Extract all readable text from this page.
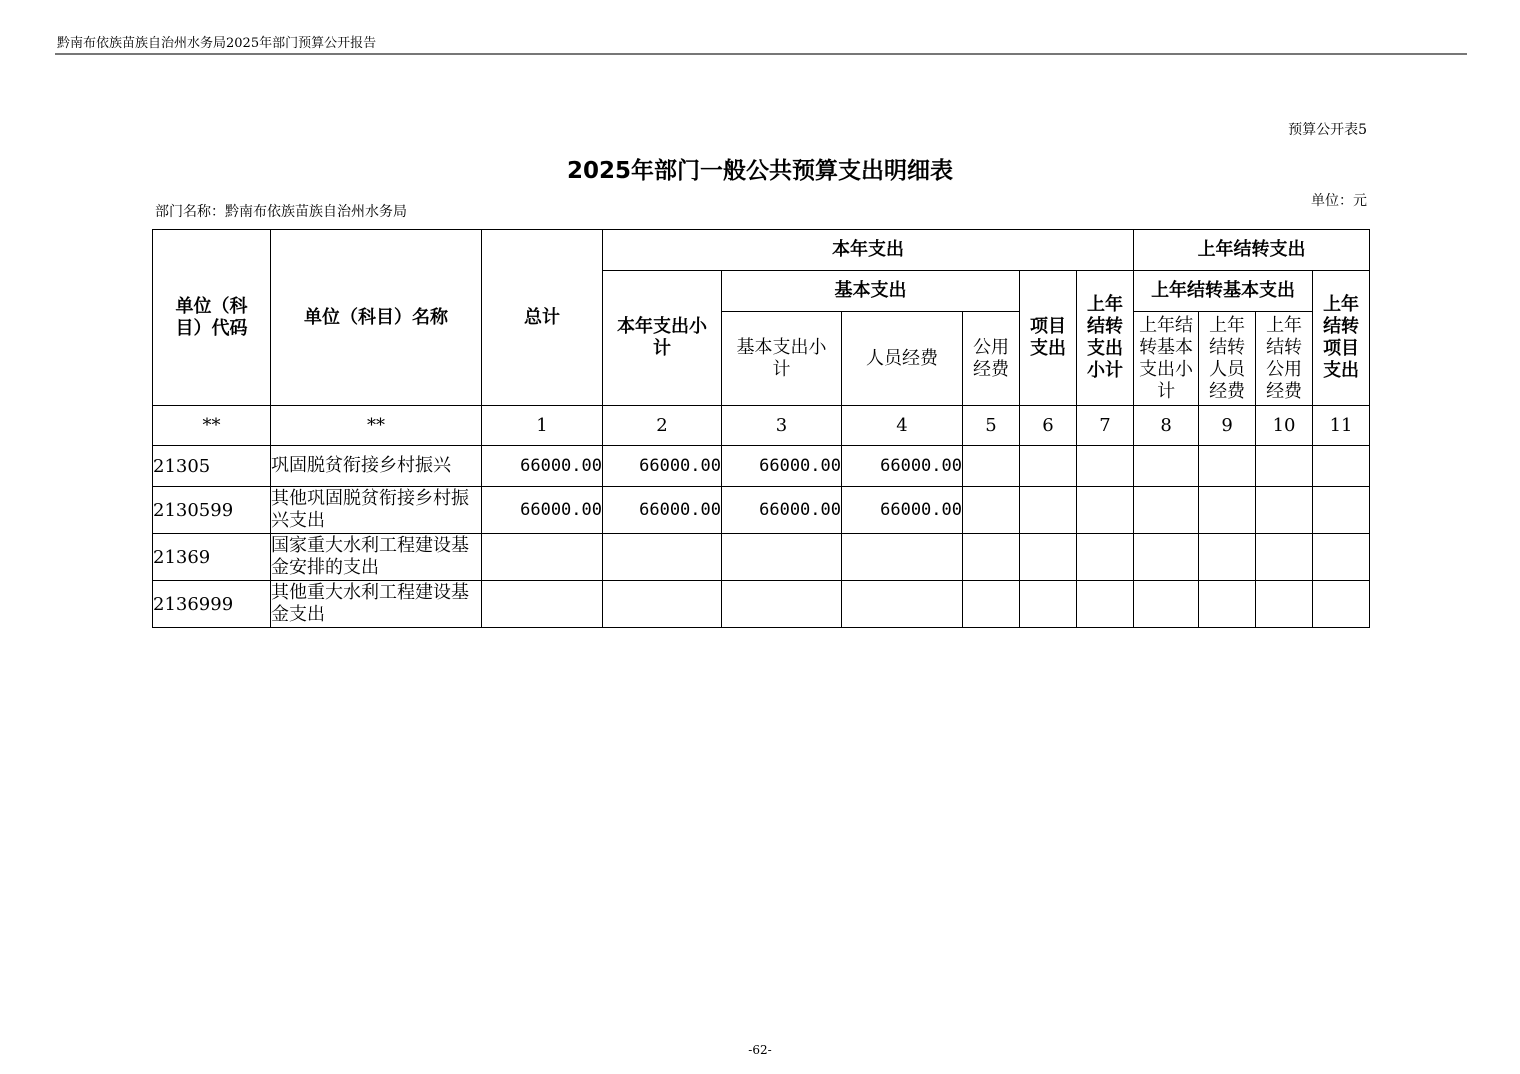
黔南布依族苗族自治州水务局2025年部门预算公开报告
预算公开表5
2025年部门一般公共预算支出明细表
单位：元
部门名称：黔南布依族苗族自治州水务局
单位（科目）代码	单位（科目）名称	总计	本年支出						上年结转支出			
			本年支出小计	基本支出			项目支出	上年结转支出小计	上年结转基本支出			上年结转项目支出
				基本支出小计	人员经费	公用经费			上年结转基本支出小计	上年结转人员经费	上年结转公用经费	
**	**	1	2	3	4	5	6	7	8	9	10	11
21305	巩固脱贫衔接乡村振兴	66000.00	66000.00	66000.00	66000.00							
2130599	其他巩固脱贫衔接乡村振兴支出	66000.00	66000.00	66000.00	66000.00							
21369	国家重大水利工程建设基金安排的支出											
2136999	其他重大水利工程建设基金支出											
-62-
